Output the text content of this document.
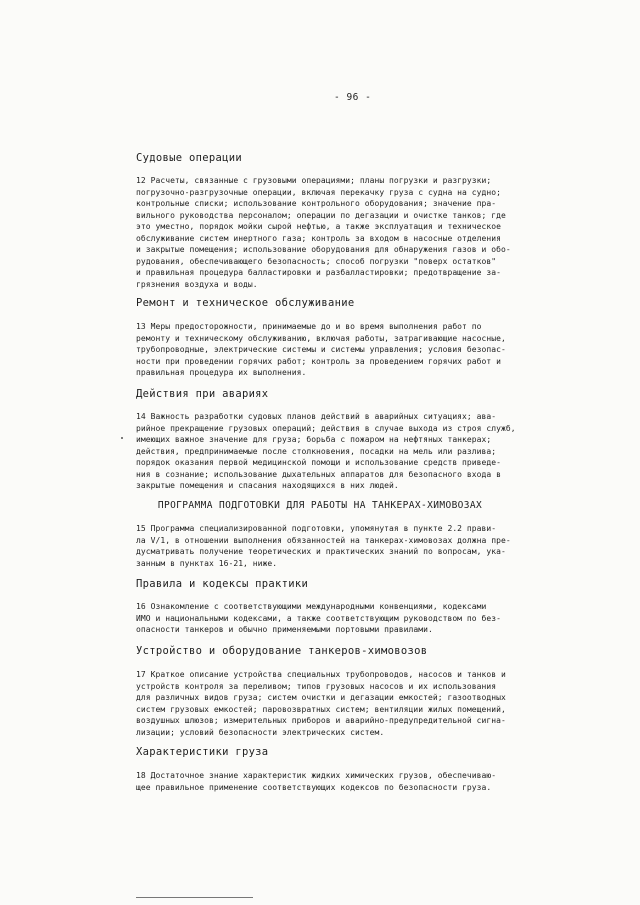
- 96 -
Судовые операции
12 Расчеты, связанные с грузовыми операциями; планы погрузки и разгрузки;
погрузочно-разгрузочные операции, включая перекачку груза с судна на судно;
контрольные списки; использование контрольного оборудования; значение пра-
вильного руководства персоналом; операции по дегазации и очистке танков; где
это уместно, порядок мойки сырой нефтью, а также эксплуатация и техническое
обслуживание систем инертного газа; контроль за входом в насосные отделения
и закрытые помещения; использование оборудования для обнаружения газов и обо-
рудования, обеспечивающего безопасность; способ погрузки "поверх остатков"
и правильная процедура балластировки и разбалластировки; предотвращение за-
грязнения воздуха и воды.
Ремонт и техническое обслуживание
13 Меры предосторожности, принимаемые до и во время выполнения работ по
ремонту и техническому обслуживанию, включая работы, затрагивающие насосные,
трубопроводные, электрические системы и системы управления; условия безопас-
ности при проведении горячих работ; контроль за проведением горячих работ и
правильная процедура их выполнения.
Действия при авариях
14 Важность разработки судовых планов действий в аварийных ситуациях; ава-
рийное прекращение грузовых операций; действия в случае выхода из строя служб,
имеющих важное значение для груза; борьба с пожаром на нефтяных танкерах;
действия, предпринимаемые после столкновения, посадки на мель или разлива;
порядок оказания первой медицинской помощи и использование средств приведе-
ния в сознание; использование дыхательных аппаратов для безопасного входа в
закрытые помещения и спасания находящихся в них людей.
ПРОГРАММА ПОДГОТОВКИ ДЛЯ РАБОТЫ НА ТАНКЕРАХ-ХИМОВОЗАХ
15 Программа специализированной подготовки, упомянутая в пункте 2.2 прави-
ла V/1, в отношении выполнения обязанностей на танкерах-химовозах должна пре-
дусматривать получение теоретических и практических знаний по вопросам, ука-
занным в пунктах 16-21, ниже.
Правила и кодексы практики
16 Ознакомление с соответствующими международными конвенциями, кодексами
ИМО и национальными кодексами, а также соответствующим руководством по без-
опасности танкеров и обычно применяемыми портовыми правилами.
Устройство и оборудование танкеров-химовозов
17 Краткое описание устройства специальных трубопроводов, насосов и танков и
устройств контроля за переливом; типов грузовых насосов и их использования
для различных видов груза; систем очистки и дегазации емкостей; газоотводных
систем грузовых емкостей; паровозвратных систем; вентиляции жилых помещений,
воздушных шлюзов; измерительных приборов и аварийно-предупредительной сигна-
лизации; условий безопасности электрических систем.
Характеристики груза
18 Достаточное знание характеристик жидких химических грузов, обеспечиваю-
щее правильное применение соответствующих кодексов по безопасности груза.
